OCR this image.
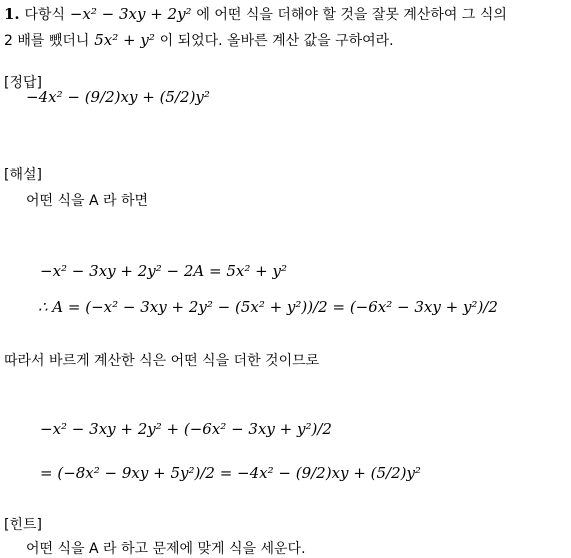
1. 다항식 −x² − 3xy + 2y² 에 어떤 식을 더해야 할 것을 잘못 계산하여 그 식의
2 배를 뺐더니 5x² + y² 이 되었다. 올바른 계산 값을 구하여라.
[정답]
−4x² − (9/2)xy + (5/2)y²
[해설]
어떤 식을 A 라 하면
−x² − 3xy + 2y² − 2A = 5x² + y²
∴ A = (−x² − 3xy + 2y² − (5x² + y²))/2 = (−6x² − 3xy + y²)/2
따라서 바르게 계산한 식은 어떤 식을 더한 것이므로
−x² − 3xy + 2y² + (−6x² − 3xy + y²)/2
= (−8x² − 9xy + 5y²)/2 = −4x² − (9/2)xy + (5/2)y²
[힌트]
어떤 식을 A 라 하고 문제에 맞게 식을 세운다.
